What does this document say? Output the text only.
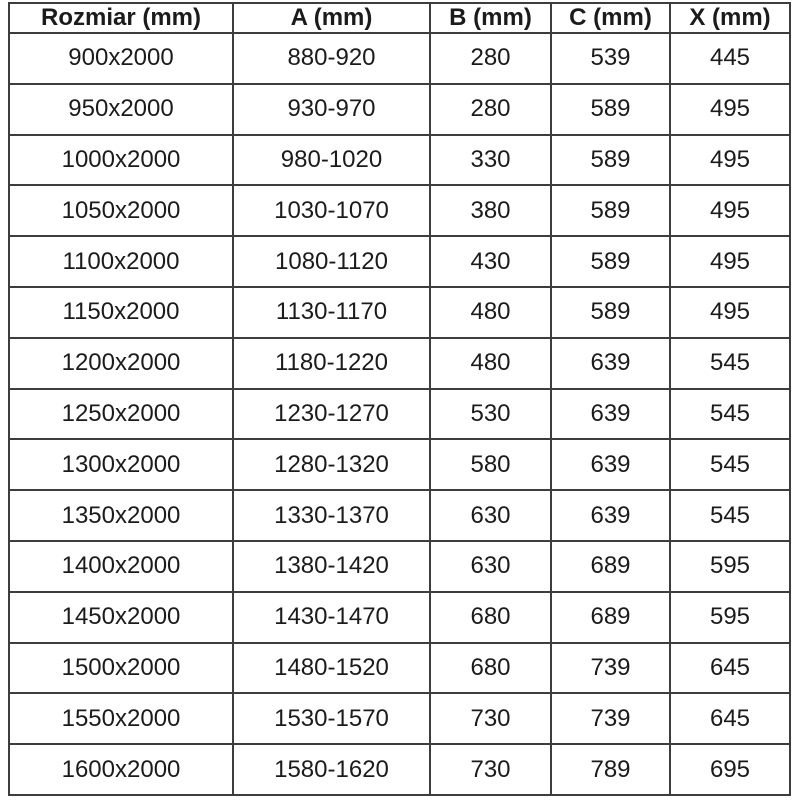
Rozmiar (mm)	A (mm)	B (mm)	C (mm)	X (mm)
900x2000	880-920	280	539	445
950x2000	930-970	280	589	495
1000x2000	980-1020	330	589	495
1050x2000	1030-1070	380	589	495
1100x2000	1080-1120	430	589	495
1150x2000	1130-1170	480	589	495
1200x2000	1180-1220	480	639	545
1250x2000	1230-1270	530	639	545
1300x2000	1280-1320	580	639	545
1350x2000	1330-1370	630	639	545
1400x2000	1380-1420	630	689	595
1450x2000	1430-1470	680	689	595
1500x2000	1480-1520	680	739	645
1550x2000	1530-1570	730	739	645
1600x2000	1580-1620	730	789	695
